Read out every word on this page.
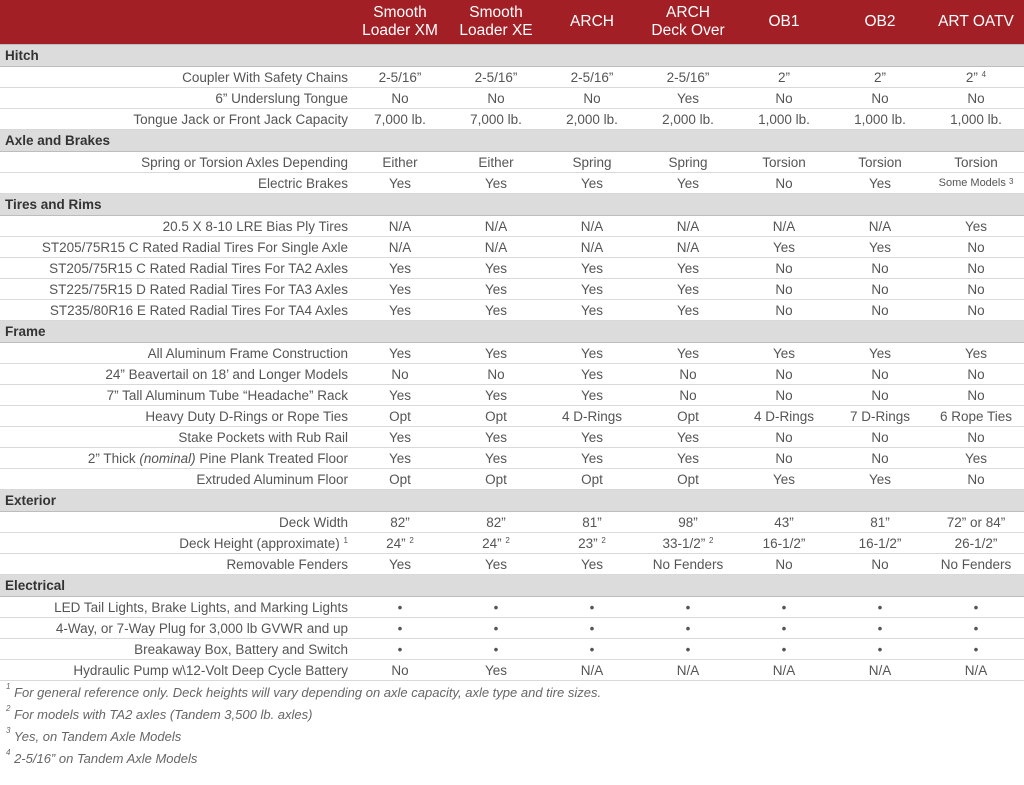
	Smooth
Loader XM	Smooth
Loader XE	ARCH	ARCH
Deck Over	OB1	OB2	ART OATV
Hitch							
Coupler With Safety Chains	2-5/16”	2-5/16”	2-5/16”	2-5/16”	2”	2”	2” $^4$
6” Underslung Tongue	No	No	No	Yes	No	No	No
Tongue Jack or Front Jack Capacity	7,000 lb.	7,000 lb.	2,000 lb.	2,000 lb.	1,000 lb.	1,000 lb.	1,000 lb.
Axle and Brakes							
Spring or Torsion Axles Depending	Either	Either	Spring	Spring	Torsion	Torsion	Torsion
Electric Brakes	Yes	Yes	Yes	Yes	No	Yes	Some Models $^3$
Tires and Rims							
20.5 X 8-10 LRE Bias Ply Tires	N/A	N/A	N/A	N/A	N/A	N/A	Yes
ST205/75R15 C Rated Radial Tires For Single Axle	N/A	N/A	N/A	N/A	Yes	Yes	No
ST205/75R15 C Rated Radial Tires For TA2 Axles	Yes	Yes	Yes	Yes	No	No	No
ST225/75R15 D Rated Radial Tires For TA3 Axles	Yes	Yes	Yes	Yes	No	No	No
ST235/80R16 E Rated Radial Tires For TA4 Axles	Yes	Yes	Yes	Yes	No	No	No
Frame							
All Aluminum Frame Construction	Yes	Yes	Yes	Yes	Yes	Yes	Yes
24” Beavertail on 18’ and Longer Models	No	No	Yes	No	No	No	No
7” Tall Aluminum Tube “Headache” Rack	Yes	Yes	Yes	No	No	No	No
Heavy Duty D-Rings or Rope Ties	Opt	Opt	4 D-Rings	Opt	4 D-Rings	7 D-Rings	6 Rope Ties
Stake Pockets with Rub Rail	Yes	Yes	Yes	Yes	No	No	No
2” Thick (nominal) Pine Plank Treated Floor	Yes	Yes	Yes	Yes	No	No	Yes
Extruded Aluminum Floor	Opt	Opt	Opt	Opt	Yes	Yes	No
Exterior							
Deck Width	82”	82”	81”	98”	43”	81”	72” or 84”
Deck Height (approximate) $^1$	24” $^2$	24” $^2$	23” $^2$	33-1/2” $^2$	16-1/2”	16-1/2”	26-1/2”
Removable Fenders	Yes	Yes	Yes	No Fenders	No	No	No Fenders
Electrical							
LED Tail Lights, Brake Lights, and Marking Lights	•	•	•	•	•	•	•
4-Way, or 7-Way Plug for 3,000 lb GVWR and up	•	•	•	•	•	•	•
Breakaway Box, Battery and Switch	•	•	•	•	•	•	•
Hydraulic Pump w\12-Volt Deep Cycle Battery	No	Yes	N/A	N/A	N/A	N/A	N/A
$^1$ For general reference only. Deck heights will vary depending on axle capacity, axle type and tire sizes.
$^2$ For models with TA2 axles (Tandem 3,500 lb. axles)
$^3$ Yes, on Tandem Axle Models
$^4$ 2-5/16” on Tandem Axle Models
